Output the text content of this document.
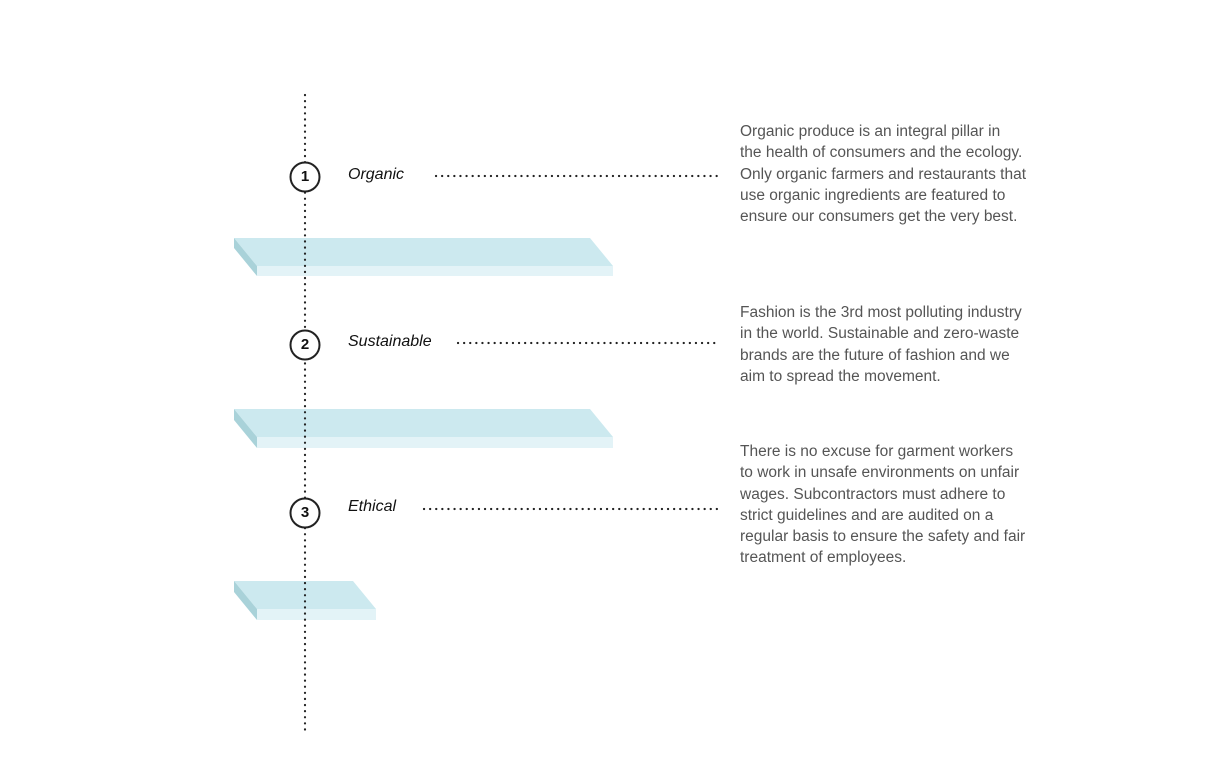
1
2
3
Organic
Sustainable
Ethical
Organic produce is an integral pillar in
the health of consumers and the ecology.
Only organic farmers and restaurants that
use organic ingredients are featured to
ensure our consumers get the very best.
Fashion is the 3rd most polluting industry
in the world. Sustainable and zero-waste
brands are the future of fashion and we
aim to spread the movement.
There is no excuse for garment workers
to work in unsafe environments on unfair
wages. Subcontractors must adhere to
strict guidelines and are audited on a
regular basis to ensure the safety and fair
treatment of employees.
